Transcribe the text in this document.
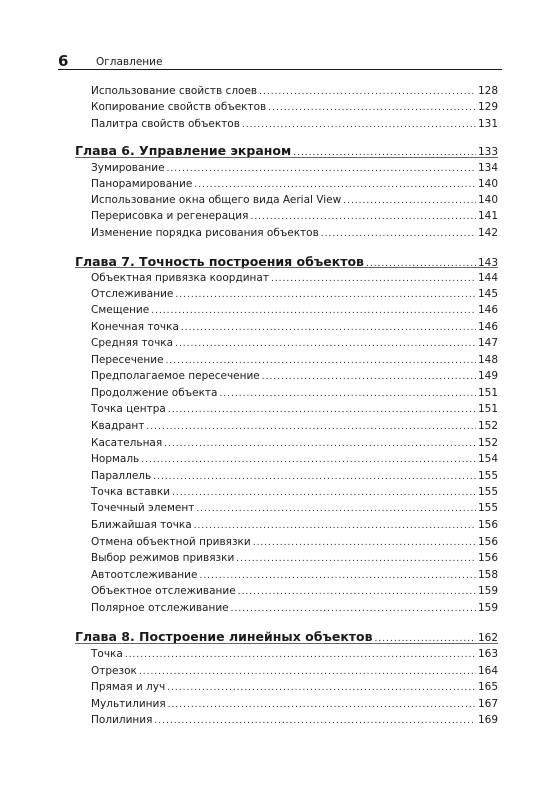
6	Оглавление
Использование свойств слоев .....	128
Копирование свойств объектов .....	129
Палитра свойств объектов .....	131
Глава 6. Управление экраном .....	133
Зумирование .....	134
Панорамирование .....	140
Использование окна общего вида Aerial View .....	140
Перерисовка и регенерация .....	141
Изменение порядка рисования объектов .....	142
Глава 7. Точность построения объектов .....	143
Объектная привязка координат .....	144
Отслеживание .....	145
Смещение .....	146
Конечная точка .....	146
Средняя точка .....	147
Пересечение .....	148
Предполагаемое пересечение .....	149
Продолжение объекта .....	151
Точка центра .....	151
Квадрант .....	152
Касательная .....	152
Нормаль .....	154
Параллель .....	155
Точка вставки .....	155
Точечный элемент .....	155
Ближайшая точка .....	156
Отмена объектной привязки .....	156
Выбор режимов привязки .....	156
Автоотслеживание .....	158
Объектное отслеживание .....	159
Полярное отслеживание .....	159
Глава 8. Построение линейных объектов .....	162
Точка .....	163
Отрезок .....	164
Прямая и луч .....	165
Мультилиния .....	167
Полилиния .....	169
